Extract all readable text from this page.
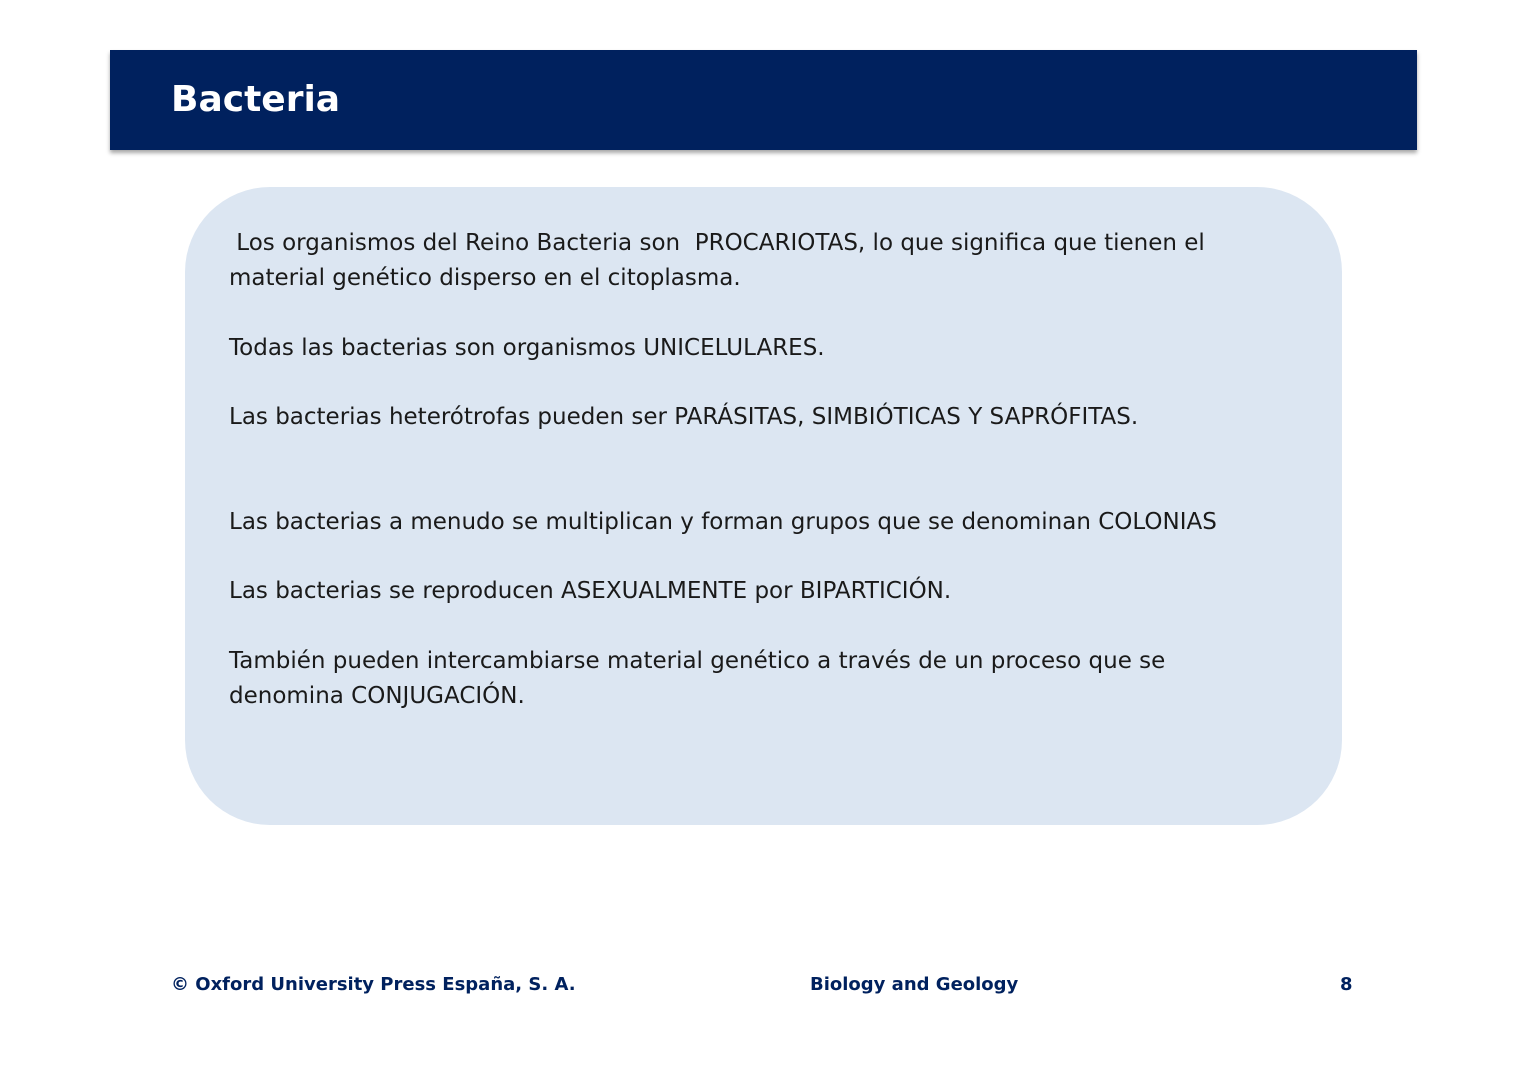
Bacteria

Los organismos del Reino Bacteria son  PROCARIOTAS, lo que significa que tienen el
material genético disperso en el citoplasma.

Todas las bacterias son organismos UNICELULARES.

Las bacterias heterótrofas pueden ser PARÁSITAS, SIMBIÓTICAS Y SAPRÓFITAS.

Las bacterias a menudo se multiplican y forman grupos que se denominan COLONIAS

Las bacterias se reproducen ASEXUALMENTE por BIPARTICIÓN.

También pueden intercambiarse material genético a través de un proceso que se
denomina CONJUGACIÓN.

© Oxford University Press España, S. A.	Biology and Geology	8
